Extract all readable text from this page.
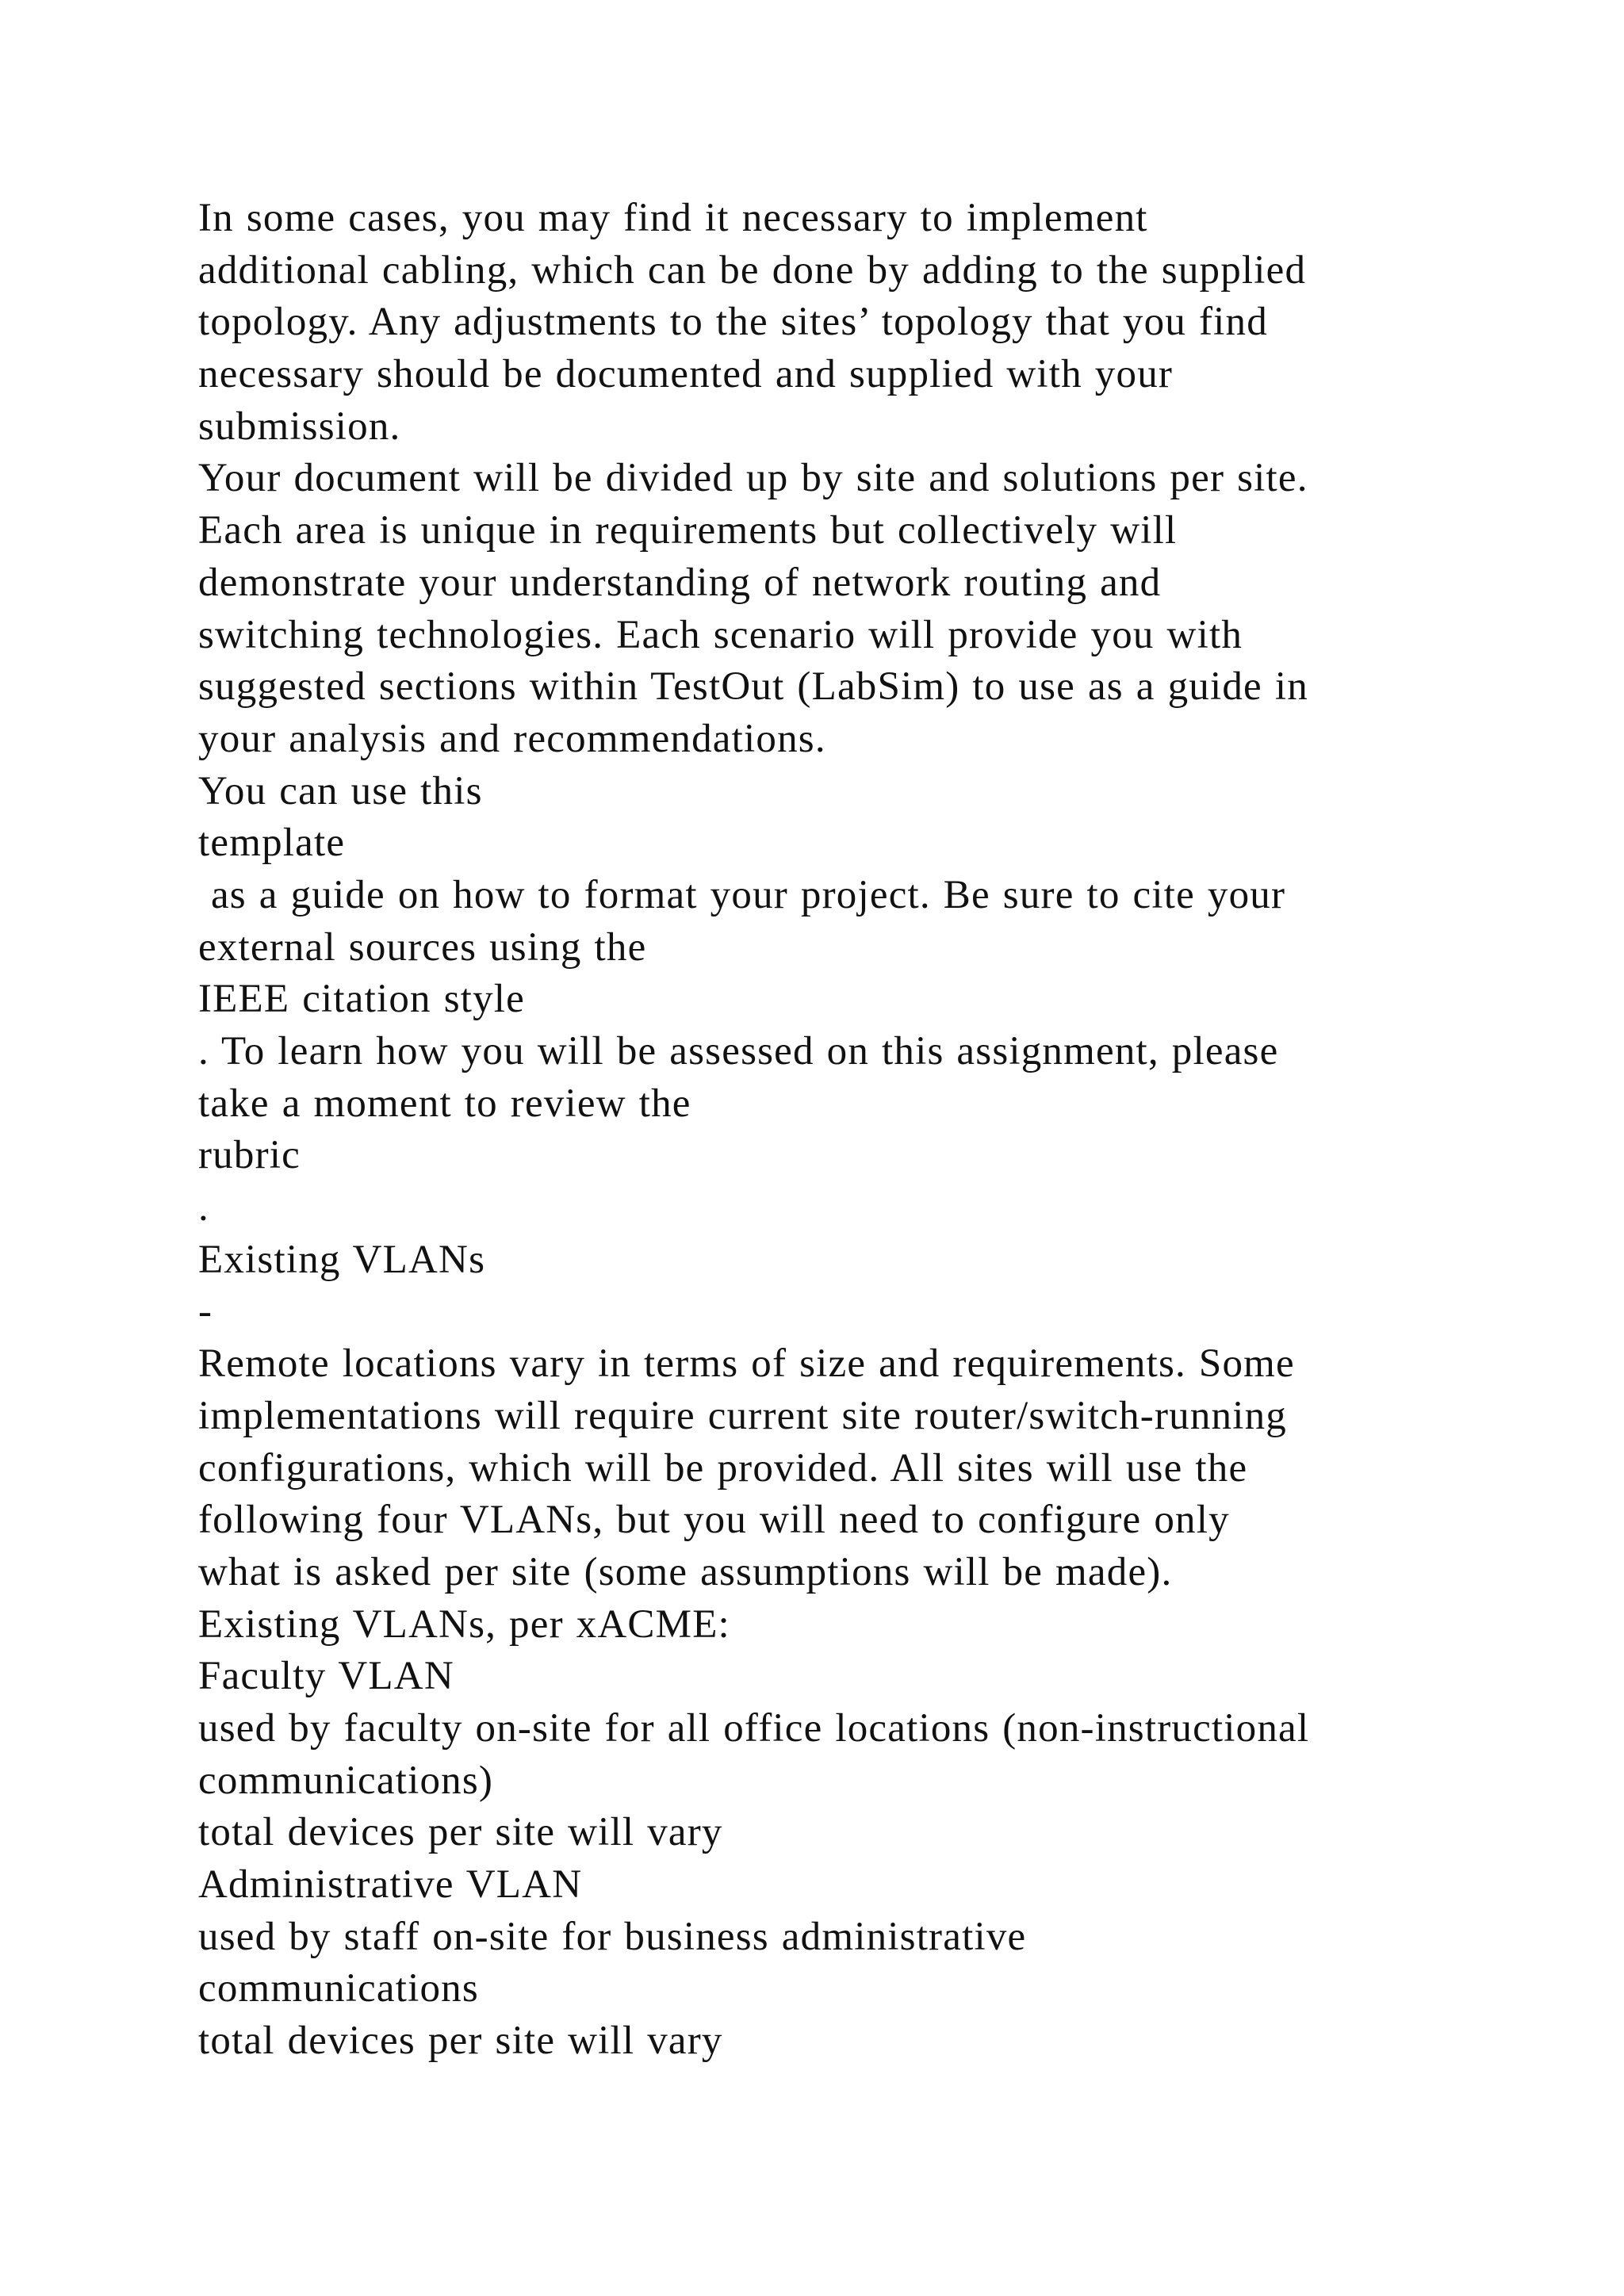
In some cases, you may find it necessary to implement
additional cabling, which can be done by adding to the supplied
topology. Any adjustments to the sites’ topology that you find
necessary should be documented and supplied with your
submission.
Your document will be divided up by site and solutions per site.
Each area is unique in requirements but collectively will
demonstrate your understanding of network routing and
switching technologies. Each scenario will provide you with
suggested sections within TestOut (LabSim) to use as a guide in
your analysis and recommendations.
You can use this
template
as a guide on how to format your project. Be sure to cite your
external sources using the
IEEE citation style
. To learn how you will be assessed on this assignment, please
take a moment to review the
rubric
.
Existing VLANs
-
Remote locations vary in terms of size and requirements. Some
implementations will require current site router/switch-running
configurations, which will be provided. All sites will use the
following four VLANs, but you will need to configure only
what is asked per site (some assumptions will be made).
Existing VLANs, per xACME:
Faculty VLAN
used by faculty on-site for all office locations (non-instructional
communications)
total devices per site will vary
Administrative VLAN
used by staff on-site for business administrative
communications
total devices per site will vary
